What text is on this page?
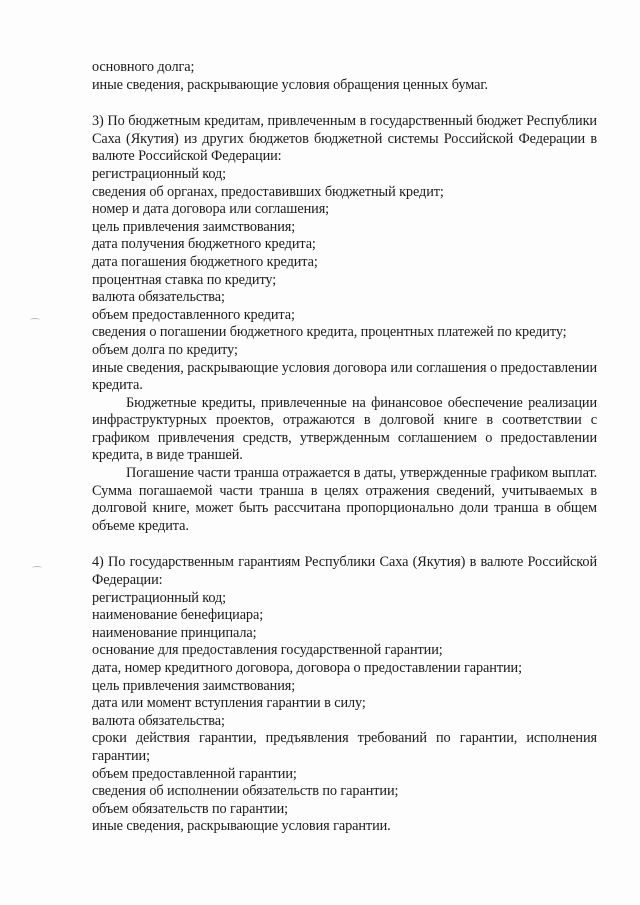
основного долга;

иные сведения, раскрывающие условия обращения ценных бумаг.

3) По бюджетным кредитам, привлеченным в государственный бюджет Республики Саха (Якутия) из других бюджетов бюджетной системы Российской Федерации в валюте Российской Федерации:

регистрационный код;

сведения об органах, предоставивших бюджетный кредит;

номер и дата договора или соглашения;

цель привлечения заимствования;

дата получения бюджетного кредита;

дата погашения бюджетного кредита;

процентная ставка по кредиту;

валюта обязательства;

объем предоставленного кредита;

сведения о погашении бюджетного кредита, процентных платежей по кредиту;

объем долга по кредиту;

иные сведения, раскрывающие условия договора или соглашения о предоставлении кредита.

Бюджетные кредиты, привлеченные на финансовое обеспечение реализации инфраструктурных проектов, отражаются в долговой книге в соответствии с графиком привлечения средств, утвержденным соглашением о предоставлении кредита, в виде траншей.

Погашение части транша отражается в даты, утвержденные графиком выплат. Сумма погашаемой части транша в целях отражения сведений, учитываемых в долговой книге, может быть рассчитана пропорционально доли транша в общем объеме кредита.

4) По государственным гарантиям Республики Саха (Якутия) в валюте Российской Федерации:

регистрационный код;

наименование бенефициара;

наименование принципала;

основание для предоставления государственной гарантии;

дата, номер кредитного договора, договора о предоставлении гарантии;

цель привлечения заимствования;

дата или момент вступления гарантии в силу;

валюта обязательства;

сроки действия гарантии, предъявления требований по гарантии, исполнения гарантии;

объем предоставленной гарантии;

сведения об исполнении обязательств по гарантии;

объем обязательств по гарантии;

иные сведения, раскрывающие условия гарантии.
